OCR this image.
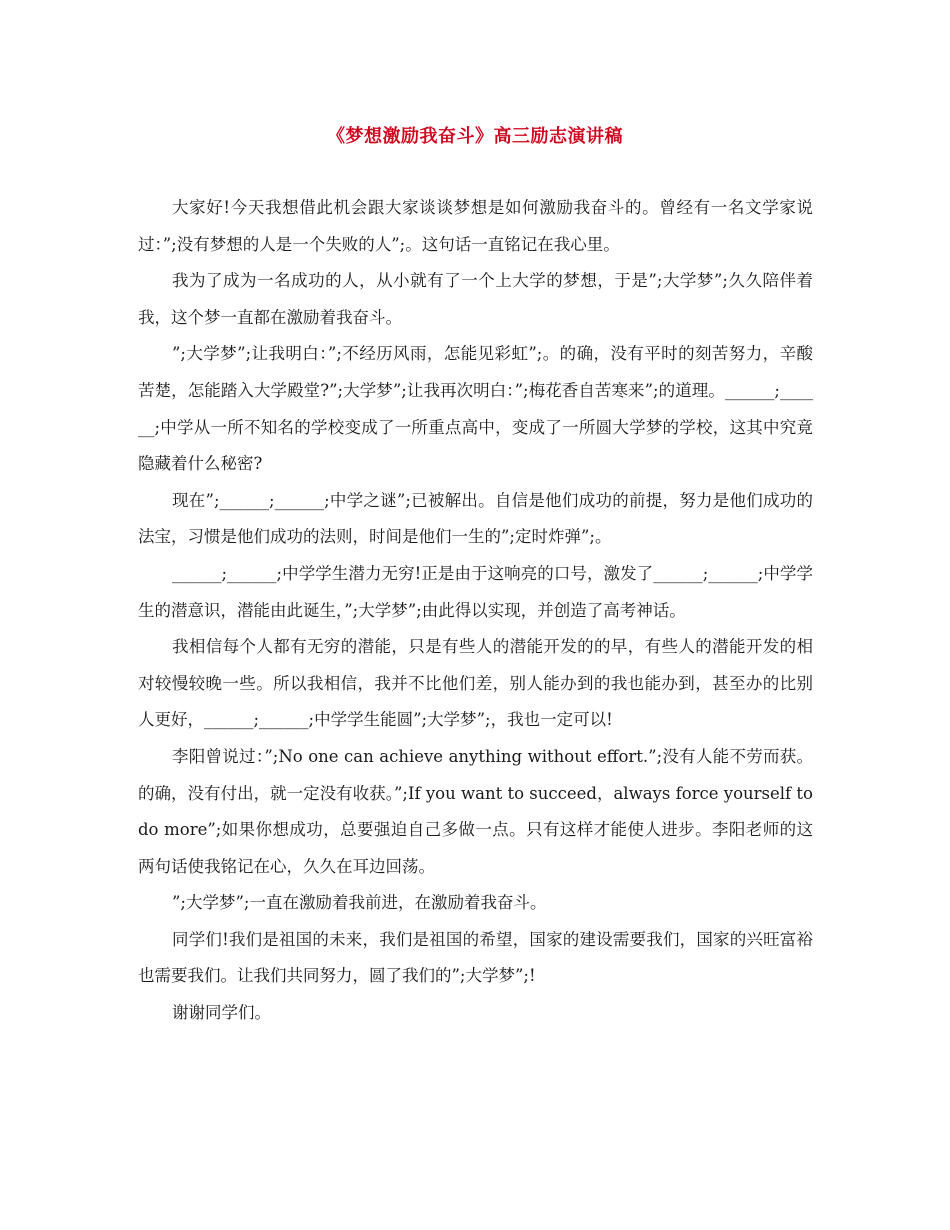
《梦想激励我奋斗》高三励志演讲稿

大家好!今天我想借此机会跟大家谈谈梦想是如何激励我奋斗的。曾经有一名文学家说过：”;没有梦想的人是一个失败的人”;。这句话一直铭记在我心里。

我为了成为一名成功的人，从小就有了一个上大学的梦想，于是”;大学梦”;久久陪伴着我，这个梦一直都在激励着我奋斗。

”;大学梦”;让我明白：”;不经历风雨，怎能见彩虹”;。的确，没有平时的刻苦努力，辛酸苦楚，怎能踏入大学殿堂?”;大学梦”;让我再次明白：”;梅花香自苦寒来”;的道理。______;______;中学从一所不知名的学校变成了一所重点高中，变成了一所圆大学梦的学校，这其中究竟隐藏着什么秘密?

现在”;______;______;中学之谜”;已被解出。自信是他们成功的前提，努力是他们成功的法宝，习惯是他们成功的法则，时间是他们一生的”;定时炸弹”;。

______;______;中学学生潜力无穷!正是由于这响亮的口号，激发了______;______;中学学生的潜意识，潜能由此诞生，”;大学梦”;由此得以实现，并创造了高考神话。

我相信每个人都有无穷的潜能，只是有些人的潜能开发的的早，有些人的潜能开发的相对较慢较晚一些。所以我相信，我并不比他们差，别人能办到的我也能办到，甚至办的比别人更好，______;______;中学学生能圆”;大学梦”;，我也一定可以!

李阳曾说过：”;No one can achieve anything without effort.”;没有人能不劳而获。的确，没有付出，就一定没有收获。”;If you want to succeed，always force yourself to do more”;如果你想成功，总要强迫自己多做一点。只有这样才能使人进步。李阳老师的这两句话使我铭记在心，久久在耳边回荡。

”;大学梦”;一直在激励着我前进，在激励着我奋斗。

同学们!我们是祖国的未来，我们是祖国的希望，国家的建设需要我们，国家的兴旺富裕也需要我们。让我们共同努力，圆了我们的”;大学梦”;!

谢谢同学们。
